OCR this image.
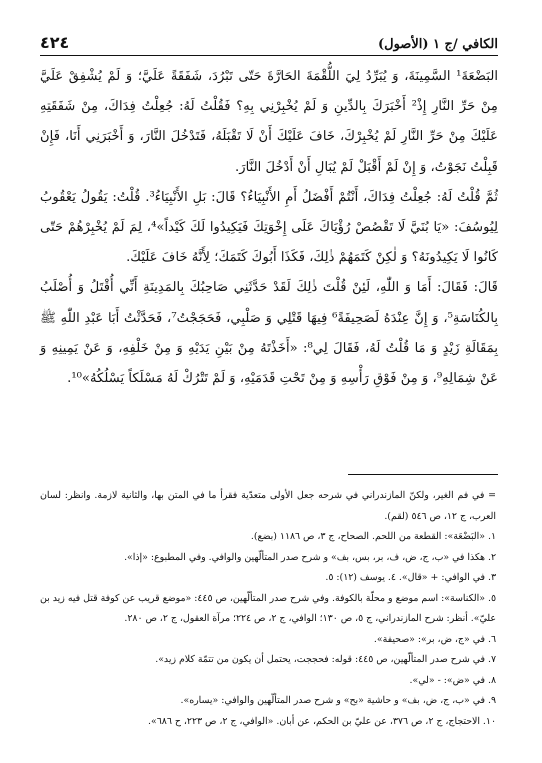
الكافي /ج ١ (الأصول)
٤٢٤

البَضْعَةَ¹ السَّمِينَةَ، وَ يُبَرِّدُ لِيَ اللُّقْمَةَ الحَارَّةَ حَتّى تَبْرُدَ، شَفَقَةً عَلَيَّ؛ وَ لَمْ يُشْفِقْ عَلَيَّ مِنْ حَرِّ النَّارِ إِذْ² أَخْبَرَكَ بِالدِّينِ وَ لَمْ يُخْبِرْنِي بِهِ؟ فَقُلْتُ لَهُ: جُعِلْتُ فِدَاكَ، مِنْ شَفَقَتِهِ عَلَيْكَ مِنْ حَرِّ النَّارِ لَمْ يُخْبِرْكَ، خَافَ عَلَيْكَ أَنْ لَا تَقْبَلَهُ، فَتَدْخُلَ النَّارَ، وَ أَخْبَرَنِي أَنَا، فَإِنْ قَبِلْتُ نَجَوْتُ، وَ إِنْ لَمْ أَقْبَلْ لَمْ يُبَالِ أَنْ أَدْخُلَ النَّارَ.

ثُمَّ قُلْتُ لَهُ: جُعِلْتُ فِدَاكَ، أَنْتُمْ أَفْضَلُ أَمِ الأَنْبِيَاءُ؟ قَالَ: بَلِ الأَنْبِيَاءُ³. قُلْتُ: يَقُولُ يَعْقُوبُ لِيُوسُفَ: «يَا بُنَيَّ لَا تَقْصُصْ رُؤْيَاكَ عَلَى إِخْوَتِكَ فَيَكِيدُوا لَكَ كَيْداً»⁴، لِمَ لَمْ يُخْبِرْهُمْ حَتّى كَانُوا لَا يَكِيدُونَهُ؟ وَ لٰكِنْ كَتَمَهُمْ ذٰلِكَ، فَكَذَا أَبُوكَ كَتَمَكَ؛ لِأَنَّهُ خَافَ عَلَيْكَ.

قَالَ: فَقَالَ: أَمَا وَ اللّٰهِ، لَئِنْ قُلْتَ ذٰلِكَ لَقَدْ حَدَّثَنِي صَاحِبُكَ بِالمَدِينَةِ أَنِّي أُقْتَلُ وَ أُصْلَبُ بِالكُنَاسَةِ⁵، وَ إِنَّ عِنْدَهُ لَصَحِيفَةً⁶ فِيهَا قَتْلِي وَ صَلْبِي، فَحَجَجْتُ⁷، فَحَدَّثْتُ أَبَا عَبْدِ اللّٰهِ ﷺ بِمَقَالَةِ زَيْدٍ وَ مَا قُلْتُ لَهُ، فَقَالَ لِي⁸: «أَخَذْتَهُ مِنْ بَيْنِ يَدَيْهِ وَ مِنْ خَلْفِهِ، وَ عَنْ يَمِينِهِ وَ عَنْ شِمَالِهِ⁹، وَ مِنْ فَوْقِ رَأْسِهِ وَ مِنْ تَحْتِ قَدَمَيْهِ، وَ لَمْ تَتْرُكْ لَهُ مَسْلَكاً يَسْلُكُهُ»¹⁰.

= في فم الغير، ولكنّ المازندراني في شرحه جعل الأولى متعدّية فقرأ ما في المتن بها، والثانية لازمة. وانظر: لسان العرب، ج ١٢، ص ٥٤٦ (لقم).

١. «البَضْعَة»: القطعة من اللحم. الصحاح، ج ٣، ص ١١٨٦ (بضع).

٢. هكذا في «ب، ج، ض، ف، بر، بس، بف» و شرح صدر المتألّهين والوافي. وفي المطبوع: «إذا».

٣. في الوافي: + «قال». ٤. يوسف (١٢): ٥.

٥. «الكناسة»: اسم موضع و محلّة بالكوفة. وفي شرح صدر المتألّهين، ص ٤٤٥: «موضع قريب عن كوفة قتل فيه زيد بن عليّ». أنظر: شرح المازندراني، ج ٥، ص ١٣٠؛ الوافي، ج ٢، ص ٢٢٤؛ مرآة العقول، ج ٢، ص ٢٨٠.

٦. في «ج، ض، بر»: «صحيفة».

٧. في شرح صدر المتألّهين، ص ٤٤٥: قوله: فحججت، يحتمل أن يكون من تتمّة كلام زيد».

٨. في «ض»: - «لي».

٩. في «ب، ج، ض، بف» و حاشية «بح» و شرح صدر المتألّهين والوافي: «يساره».

١٠. الاحتجاج، ج ٢، ص ٣٧٦، عن عليّ بن الحكم، عن أبان. «الوافي، ج ٢، ص ٢٢٣، ح ٦٨٦».
